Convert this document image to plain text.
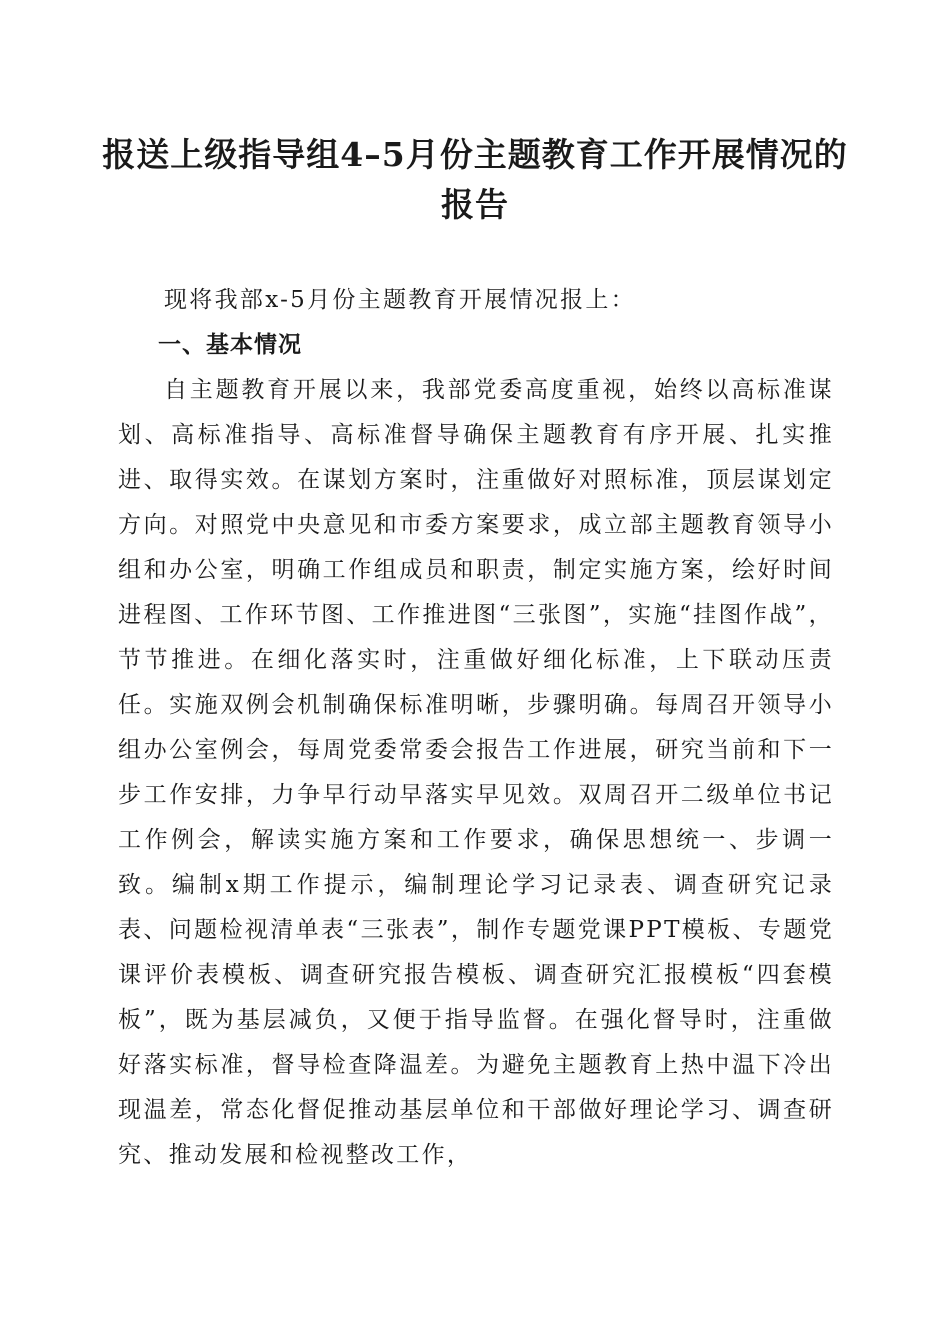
报送上级指导组4–5月份主题教育工作开展情况的报告

现将我部x-5月份主题教育开展情况报上：

一、基本情况

自主题教育开展以来，我部党委高度重视，始终以高标准谋划、高标准指导、高标准督导确保主题教育有序开展、扎实推进、取得实效。在谋划方案时，注重做好对照标准，顶层谋划定方向。对照党中央意见和市委方案要求，成立部主题教育领导小组和办公室，明确工作组成员和职责，制定实施方案，绘好时间进程图、工作环节图、工作推进图“三张图”，实施“挂图作战”，节节推进。在细化落实时，注重做好细化标准，上下联动压责任。实施双例会机制确保标准明晰，步骤明确。每周召开领导小组办公室例会，每周党委常委会报告工作进展，研究当前和下一步工作安排，力争早行动早落实早见效。双周召开二级单位书记工作例会，解读实施方案和工作要求，确保思想统一、步调一致。编制x期工作提示，编制理论学习记录表、调查研究记录表、问题检视清单表“三张表”，制作专题党课PPT模板、专题党课评价表模板、调查研究报告模板、调查研究汇报模板“四套模板”，既为基层减负，又便于指导监督。在强化督导时，注重做好落实标准，督导检查降温差。为避免主题教育上热中温下冷出现温差，常态化督促推动基层单位和干部做好理论学习、调查研究、推动发展和检视整改工作，
